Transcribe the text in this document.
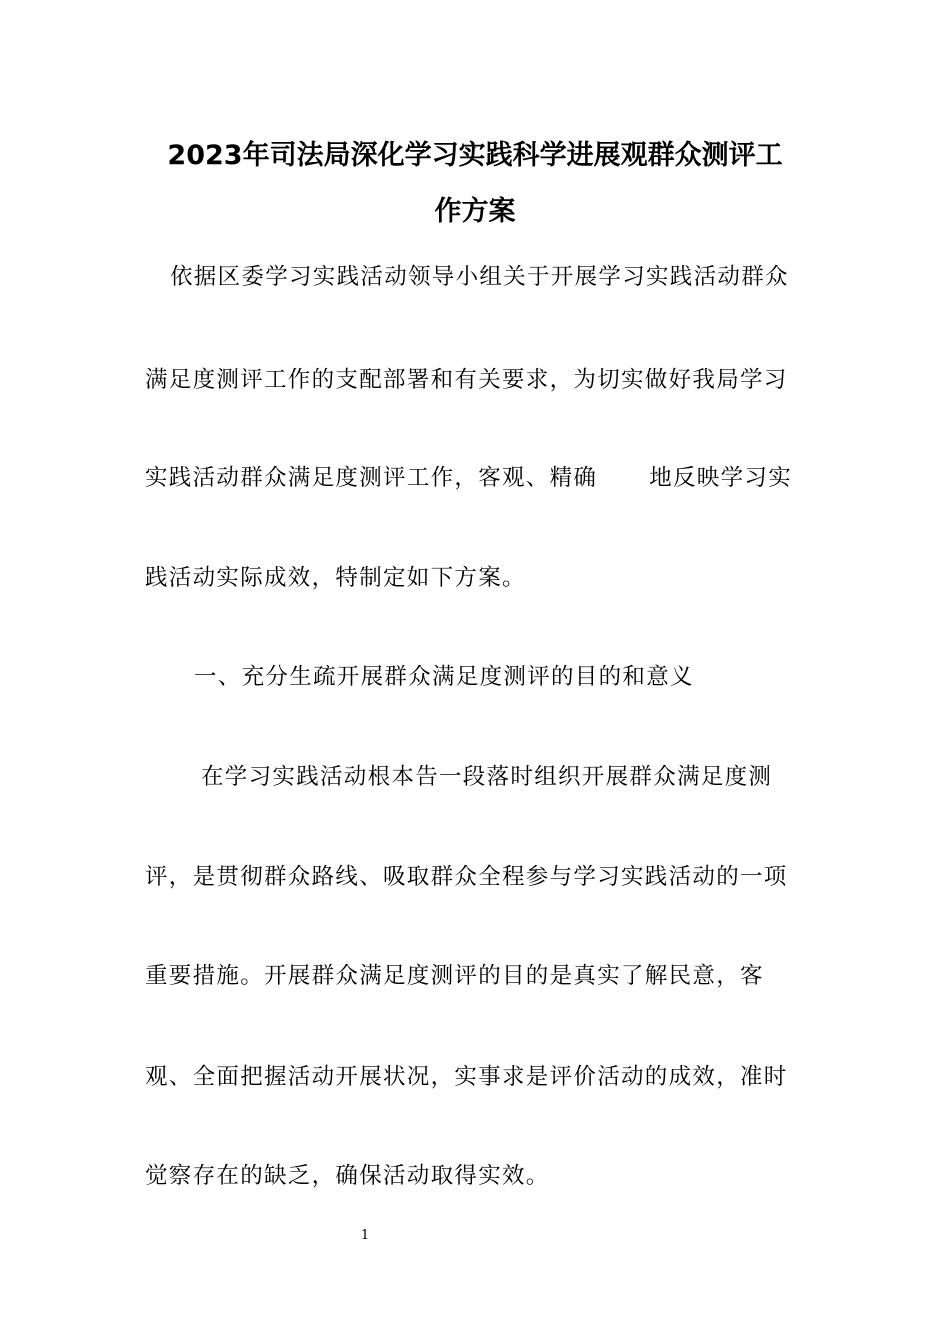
2023年司法局深化学习实践科学进展观群众测评工
作方案

依据区委学习实践活动领导小组关于开展学习实践活动群众

满足度测评工作的支配部署和有关要求，为切实做好我局学习

实践活动群众满足度测评工作，客观、精确 地反映学习实

践活动实际成效，特制定如下方案。

一、充分生疏开展群众满足度测评的目的和意义

在学习实践活动根本告一段落时组织开展群众满足度测

评，是贯彻群众路线、吸取群众全程参与学习实践活动的一项

重要措施。开展群众满足度测评的目的是真实了解民意，客

观、全面把握活动开展状况，实事求是评价活动的成效，准时

觉察存在的缺乏，确保活动取得实效。

1
